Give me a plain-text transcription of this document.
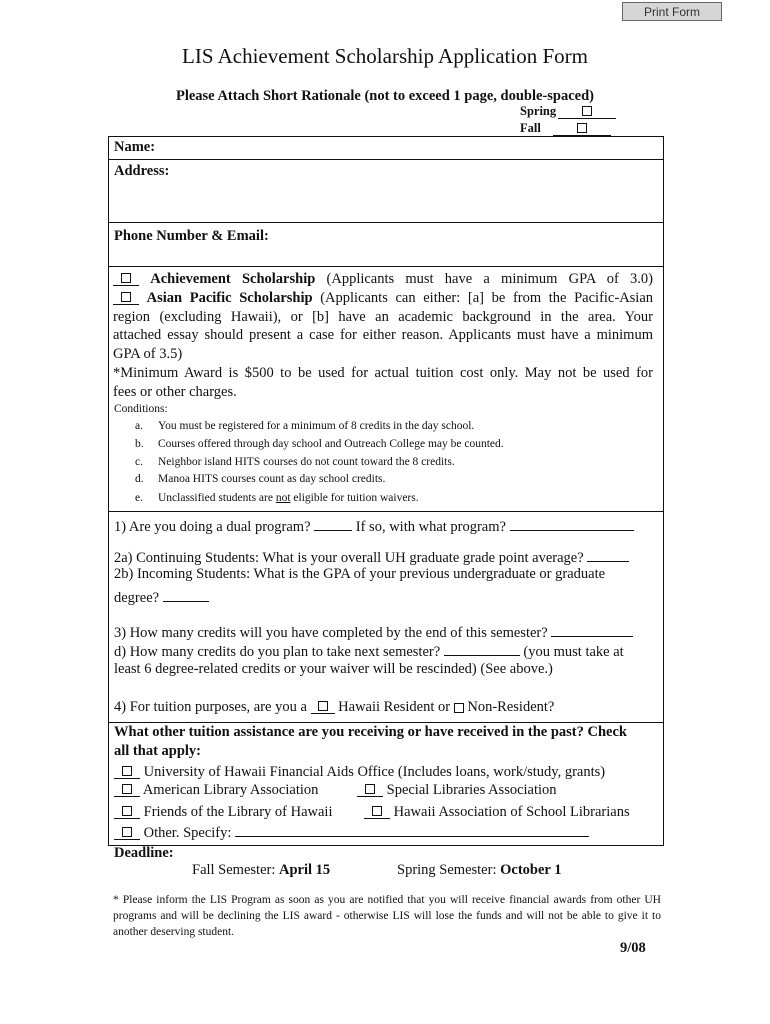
Print Form
LIS Achievement Scholarship Application Form
Please Attach Short Rationale (not to exceed 1 page, double-spaced)
Spring
Fall
Name:
Address:
Phone Number & Email:
Achievement Scholarship (Applicants must have a minimum GPA of 3.0)
Asian Pacific Scholarship (Applicants can either: [a] be from the Pacific-Asian
region (excluding Hawaii), or [b] have an academic background in the area. Your
attached essay should present a case for either reason. Applicants must have a minimum
GPA of 3.5)
*Minimum Award is $500 to be used for actual tuition cost only. May not be used for
fees or other charges.
Conditions:
a. You must be registered for a minimum of 8 credits in the day school.
b. Courses offered through day school and Outreach College may be counted.
c. Neighbor island HITS courses do not count toward the 8 credits.
d. Manoa HITS courses count as day school credits.
e. Unclassified students are not eligible for tuition waivers.
1) Are you doing a dual program?	If so, with what program?
2a) Continuing Students: What is your overall UH graduate grade point average?
2b) Incoming Students: What is the GPA of your previous undergraduate or graduate
degree?
3) How many credits will you have completed by the end of this semester?
d) How many credits do you plan to take next semester?	(you must take at
least 6 degree-related credits or your waiver will be rescinded) (See above.)
4) For tuition purposes, are you a Hawaii Resident or Non-Resident?
What other tuition assistance are you receiving or have received in the past? Check
all that apply:
University of Hawaii Financial Aids Office (Includes loans, work/study, grants)
American Library Association	Special Libraries Association
Friends of the Library of Hawaii	Hawaii Association of School Librarians
Other. Specify:
Deadline:
Fall Semester: April 15	Spring Semester: October 1
* Please inform the LIS Program as soon as you are notified that you will receive financial awards from other UH programs and will be declining the LIS award - otherwise LIS will lose the funds and will not be able to give it to another deserving student.
9/08
